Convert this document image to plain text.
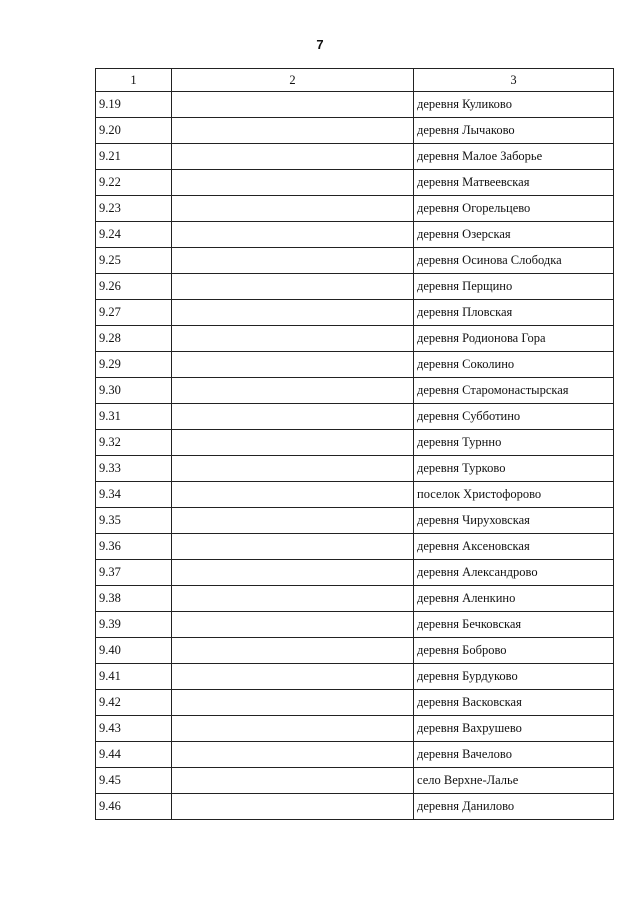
7
1	2	3
9.19		деревня Куликово
9.20		деревня Лычаково
9.21		деревня Малое Заборье
9.22		деревня Матвеевская
9.23		деревня Огорельцево
9.24		деревня Озерская
9.25		деревня Осинова Слободка
9.26		деревня Перщино
9.27		деревня Пловская
9.28		деревня Родионова Гора
9.29		деревня Соколино
9.30		деревня Старомонастырская
9.31		деревня Субботино
9.32		деревня Турнно
9.33		деревня Турково
9.34		поселок Христофорово
9.35		деревня Чируховская
9.36		деревня Аксеновская
9.37		деревня Александрово
9.38		деревня Аленкино
9.39		деревня Бечковская
9.40		деревня Боброво
9.41		деревня Бурдуково
9.42		деревня Васковская
9.43		деревня Вахрушево
9.44		деревня Вачелово
9.45		село Верхне-Лалье
9.46		деревня Данилово
